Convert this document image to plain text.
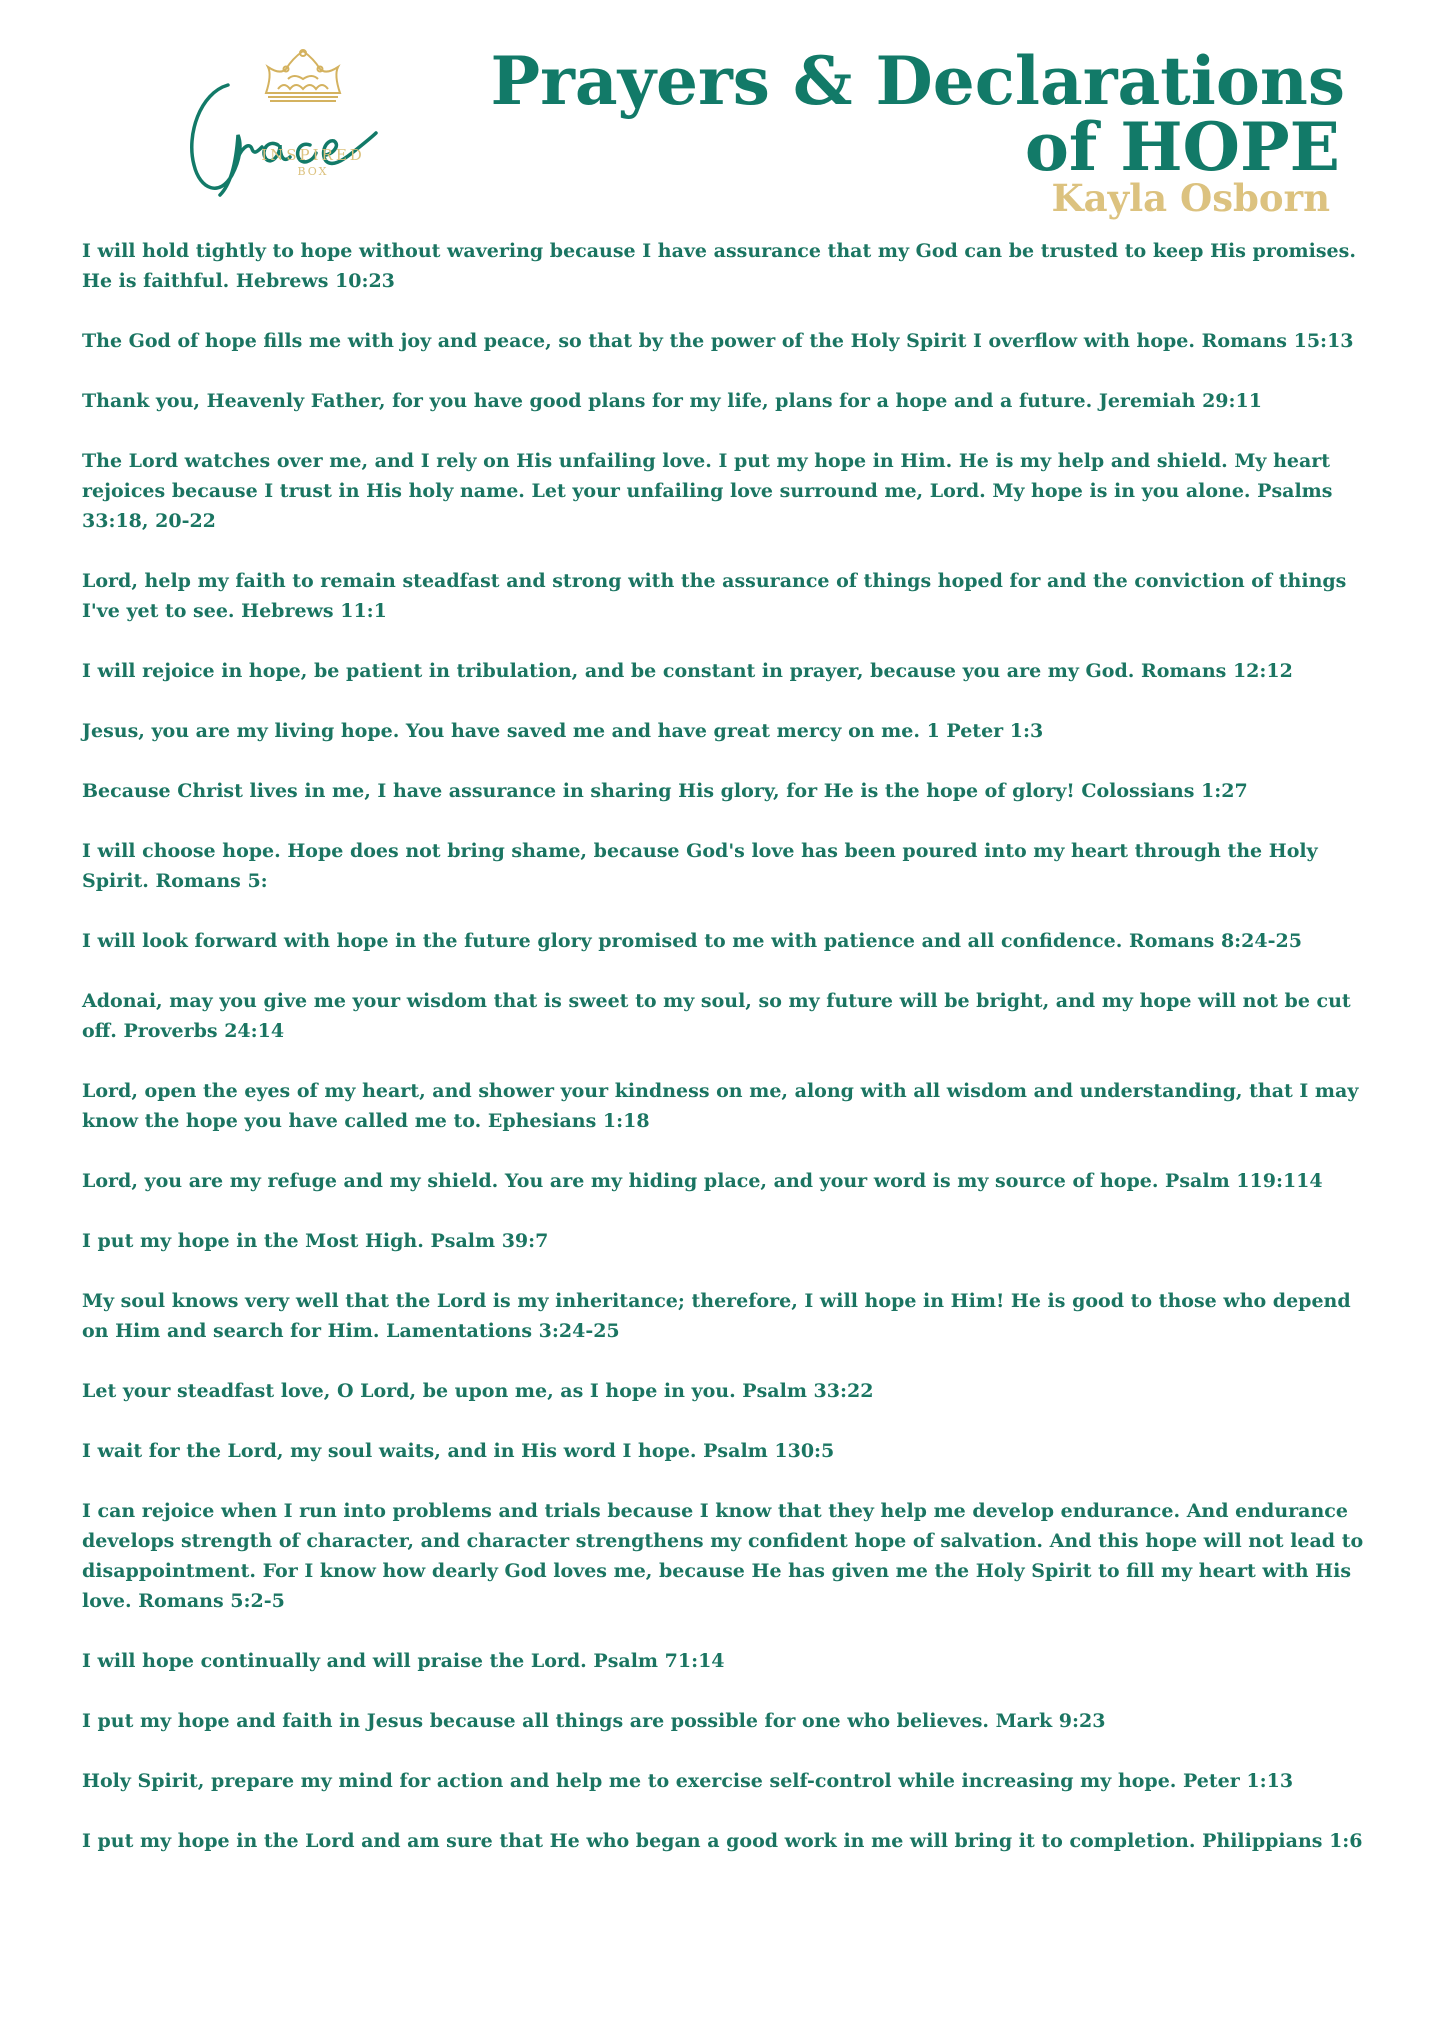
INSPIRED
BOX
Prayers & Declarations
of HOPE
Kayla Osborn

I will hold tightly to hope without wavering because I have assurance that my God can be trusted to keep His promises. He is faithful. Hebrews 10:23

The God of hope fills me with joy and peace, so that by the power of the Holy Spirit I overflow with hope. Romans 15:13

Thank you, Heavenly Father, for you have good plans for my life, plans for a hope and a future. Jeremiah 29:11

The Lord watches over me, and I rely on His unfailing love. I put my hope in Him. He is my help and shield. My heart rejoices because I trust in His holy name. Let your unfailing love surround me, Lord. My hope is in you alone. Psalms 33:18, 20-22

Lord, help my faith to remain steadfast and strong with the assurance of things hoped for and the conviction of things I've yet to see. Hebrews 11:1

I will rejoice in hope, be patient in tribulation, and be constant in prayer, because you are my God. Romans 12:12

Jesus, you are my living hope. You have saved me and have great mercy on me. 1 Peter 1:3

Because Christ lives in me, I have assurance in sharing His glory, for He is the hope of glory! Colossians 1:27

I will choose hope. Hope does not bring shame, because God's love has been poured into my heart through the Holy Spirit. Romans 5:

I will look forward with hope in the future glory promised to me with patience and all confidence. Romans 8:24-25

Adonai, may you give me your wisdom that is sweet to my soul, so my future will be bright, and my hope will not be cut off. Proverbs 24:14

Lord, open the eyes of my heart, and shower your kindness on me, along with all wisdom and understanding, that I may know the hope you have called me to. Ephesians 1:18

Lord, you are my refuge and my shield. You are my hiding place, and your word is my source of hope. Psalm 119:114

I put my hope in the Most High. Psalm 39:7

My soul knows very well that the Lord is my inheritance; therefore, I will hope in Him! He is good to those who depend on Him and search for Him. Lamentations 3:24-25

Let your steadfast love, O Lord, be upon me, as I hope in you. Psalm 33:22

I wait for the Lord, my soul waits, and in His word I hope. Psalm 130:5

I can rejoice when I run into problems and trials because I know that they help me develop endurance. And endurance develops strength of character, and character strengthens my confident hope of salvation. And this hope will not lead to disappointment. For I know how dearly God loves me, because He has given me the Holy Spirit to fill my heart with His love. Romans 5:2-5

I will hope continually and will praise the Lord. Psalm 71:14

I put my hope and faith in Jesus because all things are possible for one who believes. Mark 9:23

Holy Spirit, prepare my mind for action and help me to exercise self-control while increasing my hope. Peter 1:13

I put my hope in the Lord and am sure that He who began a good work in me will bring it to completion. Philippians 1:6
